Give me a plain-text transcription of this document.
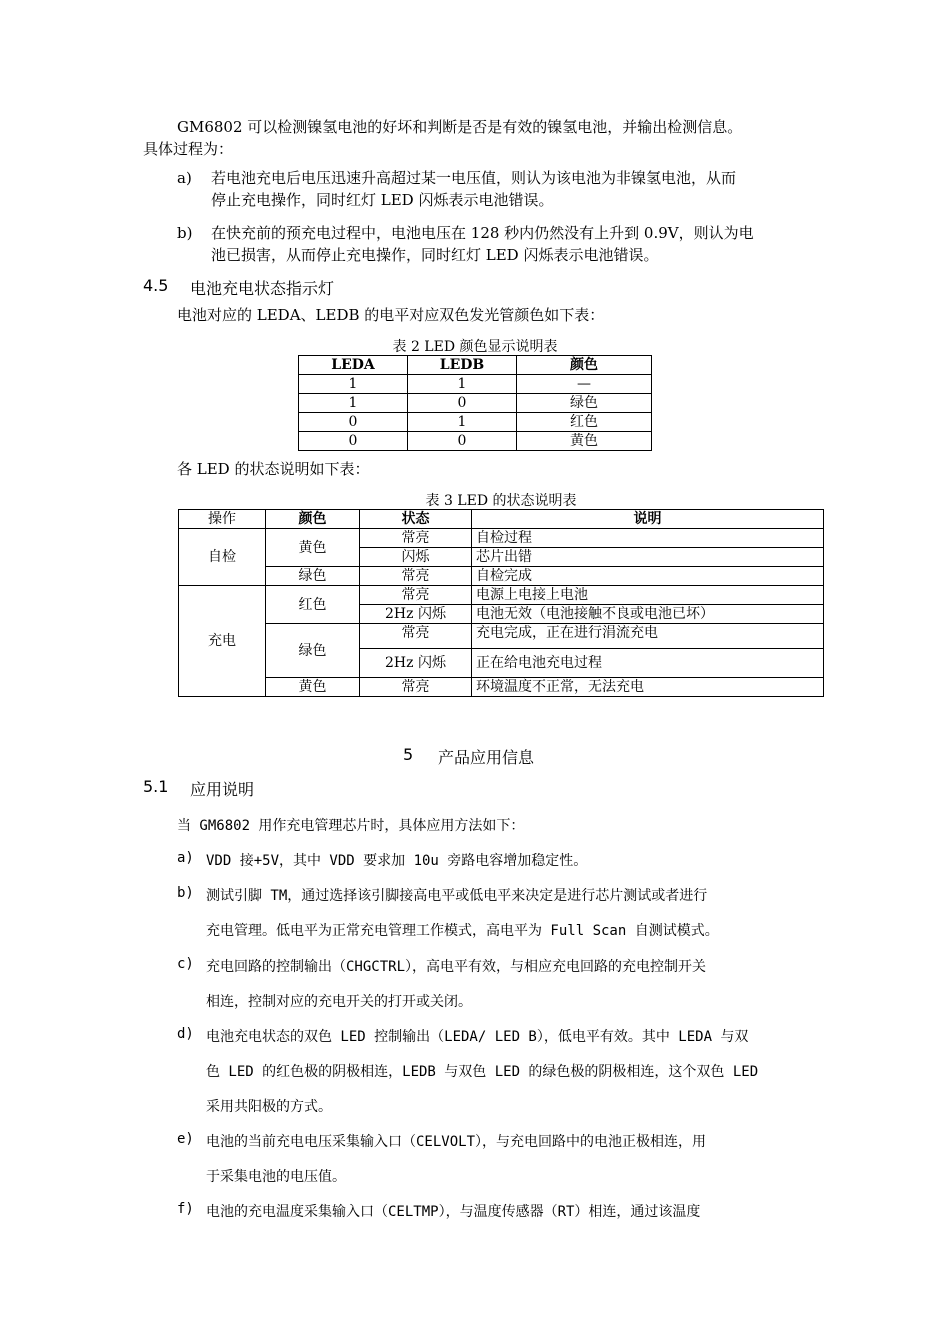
GM6802 可以检测镍氢电池的好坏和判断是否是有效的镍氢电池，并输出检测信息。
具体过程为：
a) 若电池充电后电压迅速升高超过某一电压值，则认为该电池为非镍氢电池，从而
停止充电操作，同时红灯 LED 闪烁表示电池错误。
b) 在快充前的预充电过程中，电池电压在 128 秒内仍然没有上升到 0.9V，则认为电
池已损害，从而停止充电操作，同时红灯 LED 闪烁表示电池错误。
4.5 电池充电状态指示灯
电池对应的 LEDA、LEDB 的电平对应双色发光管颜色如下表：
表 2 LED 颜色显示说明表
LEDA	LEDB	颜色
1	1	—
1	0	绿色
0	1	红色
0	0	黄色
各 LED 的状态说明如下表：
表 3 LED 的状态说明表
操作	颜色	状态	说明
自检	黄色	常亮	自检过程
		闪烁	芯片出错
	绿色	常亮	自检完成
充电	红色	常亮	电源上电接上电池
		2Hz 闪烁	电池无效（电池接触不良或电池已坏）
	绿色	常亮	充电完成，正在进行涓流充电
		2Hz 闪烁	正在给电池充电过程
	黄色	常亮	环境温度不正常，无法充电
5 产品应用信息
5.1 应用说明
当 GM6802 用作充电管理芯片时，具体应用方法如下：
a) VDD 接+5V，其中 VDD 要求加 10u 旁路电容增加稳定性。
b) 测试引脚 TM，通过选择该引脚接高电平或低电平来决定是进行芯片测试或者进行
充电管理。低电平为正常充电管理工作模式，高电平为 Full Scan 自测试模式。
c) 充电回路的控制输出（CHGCTRL），高电平有效，与相应充电回路的充电控制开关
相连，控制对应的充电开关的打开或关闭。
d) 电池充电状态的双色 LED 控制输出（LEDA/ LED B），低电平有效。其中 LEDA 与双
色 LED 的红色极的阴极相连，LEDB 与双色 LED 的绿色极的阴极相连，这个双色 LED
采用共阳极的方式。
e) 电池的当前充电电压采集输入口（CELVOLT），与充电回路中的电池正极相连，用
于采集电池的电压值。
f) 电池的充电温度采集输入口（CELTMP），与温度传感器（RT）相连，通过该温度
